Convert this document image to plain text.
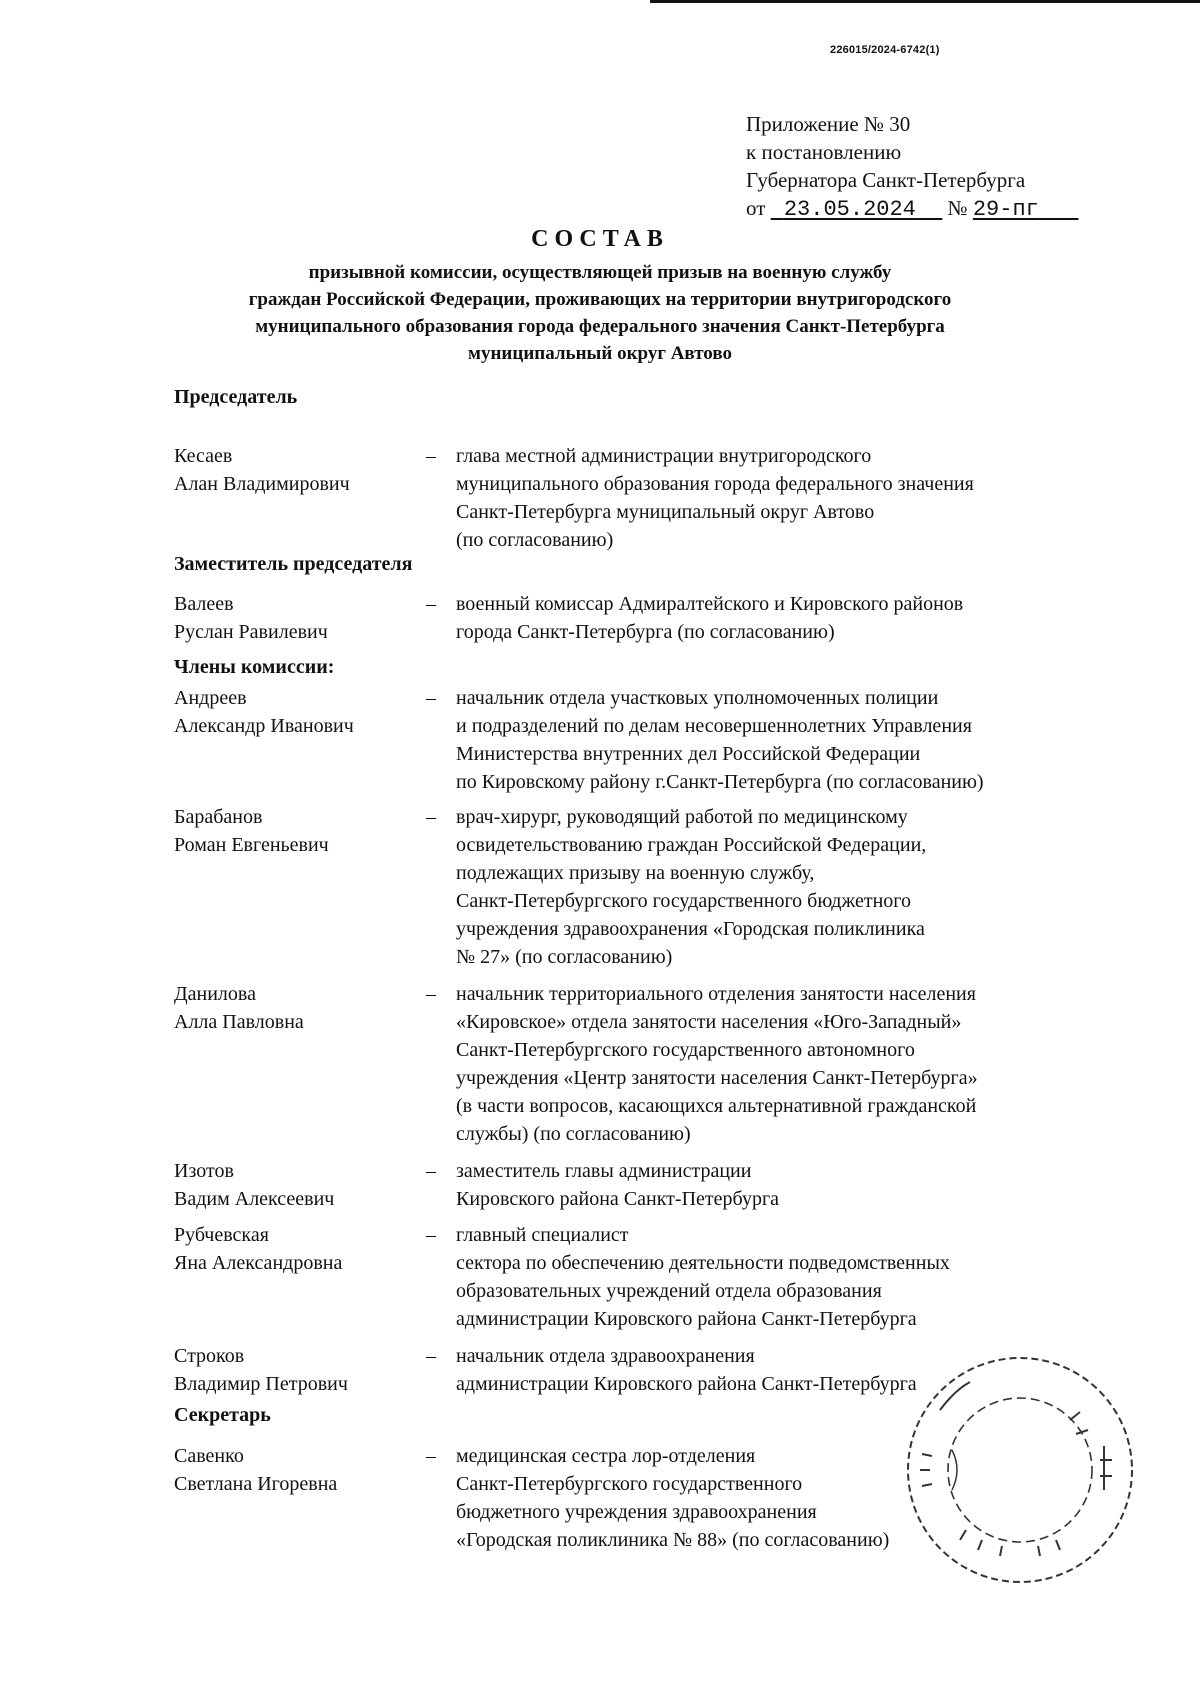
226015/2024-6742(1)
Приложение № 30
к постановлению
Губернатора Санкт-Петербурга
от 23.05.2024 № 29-пг
СОСТАВ
призывной комиссии, осуществляющей призыв на военную службу
граждан Российской Федерации, проживающих на территории внутригородского
муниципального образования города федерального значения Санкт-Петербурга
муниципальный округ Автово
Председатель
Кесаев
Алан Владимирович
– глава местной администрации внутригородского
муниципального образования города федерального значения
Санкт-Петербурга муниципальный округ Автово
(по согласованию)
Заместитель председателя
Валеев
Руслан Равилевич
– военный комиссар Адмиралтейского и Кировского районов
города Санкт-Петербурга (по согласованию)
Члены комиссии:
Андреев
Александр Иванович
– начальник отдела участковых уполномоченных полиции
и подразделений по делам несовершеннолетних Управления
Министерства внутренних дел Российской Федерации
по Кировскому району г.Санкт-Петербурга (по согласованию)
Барабанов
Роман Евгеньевич
– врач-хирург, руководящий работой по медицинскому
освидетельствованию граждан Российской Федерации,
подлежащих призыву на военную службу,
Санкт-Петербургского государственного бюджетного
учреждения здравоохранения «Городская поликлиника
№ 27» (по согласованию)
Данилова
Алла Павловна
– начальник территориального отделения занятости населения
«Кировское» отдела занятости населения «Юго-Западный»
Санкт-Петербургского государственного автономного
учреждения «Центр занятости населения Санкт-Петербурга»
(в части вопросов, касающихся альтернативной гражданской
службы) (по согласованию)
Изотов
Вадим Алексеевич
– заместитель главы администрации
Кировского района Санкт-Петербурга
Рубчевская
Яна Александровна
– главный специалист
сектора по обеспечению деятельности подведомственных
образовательных учреждений отдела образования
администрации Кировского района Санкт-Петербурга
Строков
Владимир Петрович
– начальник отдела здравоохранения
администрации Кировского района Санкт-Петербурга
Секретарь
Савенко
Светлана Игоревна
– медицинская сестра лор-отделения
Санкт-Петербургского государственного
бюджетного учреждения здравоохранения
«Городская поликлиника № 88» (по согласованию)
